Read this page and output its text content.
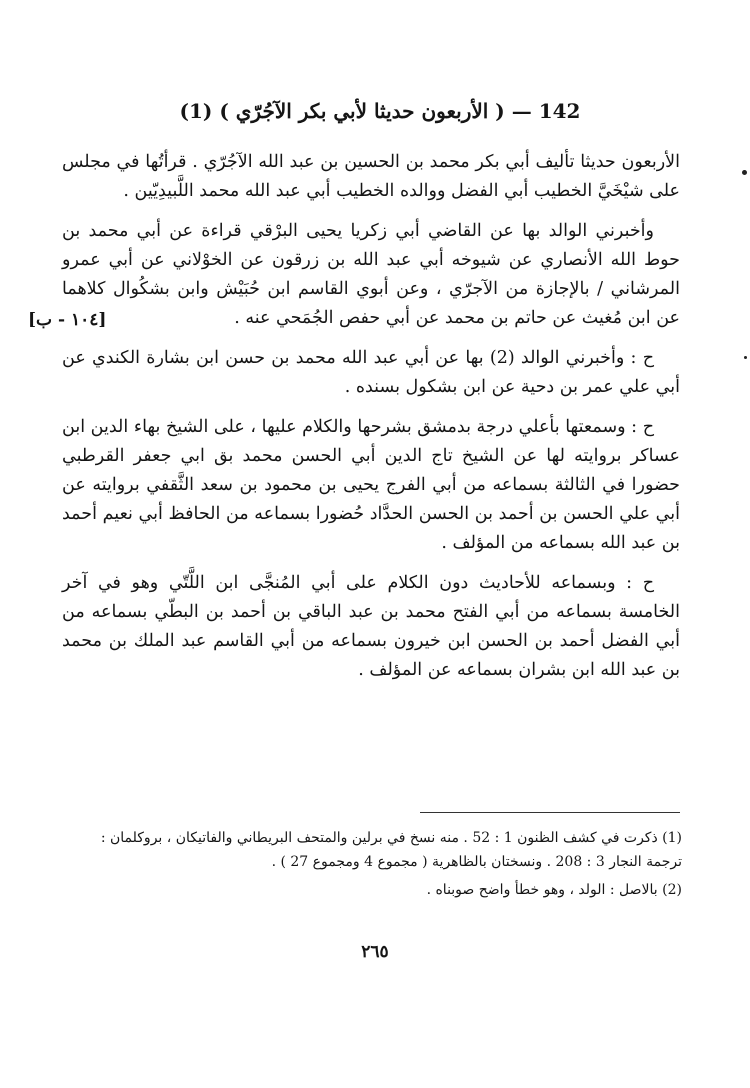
142 — ( الأربعون حديثا لأبي بكر الآجُرّي ) (1)

الأربعون حديثا تأليف أبي بكر محمد بن الحسين بن عبد الله الآجُرّي . قرأتُها في مجلس على شيْخَيَّ الخطيب أبي الفضل ووالده الخطيب أبي عبد الله محمد اللَّبيدِيّين .

وأخبرني الوالد بها عن القاضي أبي زكريا يحيى البرْقي قراءة عن أبي محمد بن حوط الله الأنصاري عن شيوخه أبي عبد الله بن زرقون عن الخوْلاني عن أبي عمرو المرشاني / بالإجازة من الآجرّي ، وعن أبوي القاسم ابن حُبَيْش وابن بشكُوال كلاهما عن ابن مُغيث عن حاتم بن محمد عن أبي حفص الجُمَحي عنه .

ح : وأخبرني الوالد (2) بها عن أبي عبد الله محمد بن حسن ابن بشارة الكندي عن أبي علي عمر بن دحية عن ابن بشكول بسنده .

ح : وسمعتها بأعلي درجة بدمشق بشرحها والكلام عليها ، على الشيخ بهاء الدين ابن عساكر بروايته لها عن الشيخ تاج الدين أبي الحسن محمد بق ابي جعفر القرطبي حضورا في الثالثة بسماعه من أبي الفرج يحيى بن محمود بن سعد الثَّقفي بروايته عن أبي علي الحسن بن أحمد بن الحسن الحدَّاد حُضورا بسماعه من الحافظ أبي نعيم أحمد بن عبد الله بسماعه من المؤلف .

ح : وبسماعه للأحاديث دون الكلام على أبي المُنجَّى ابن اللَّتّي وهو في آخر الخامسة بسماعه من أبي الفتح محمد بن عبد الباقي بن أحمد بن البطّي بسماعه من أبي الفضل أحمد بن الحسن ابن خيرون بسماعه من أبي القاسم عبد الملك بن محمد بن عبد الله ابن بشران بسماعه عن المؤلف .

[١٠٤ - ب]

(1) ذكرت في كشف الظنون 1 : 52 . منه نسخ في برلين والمتحف البريطاني والفاتيكان ، بروكلمان : ترجمة النجار 3 : 208 . ونسختان بالظاهرية ( مجموع 4 ومجموع 27 ) .

(2) بالاصل : الولد ، وهو خطأ واضح صوبناه .

٢٦٥
